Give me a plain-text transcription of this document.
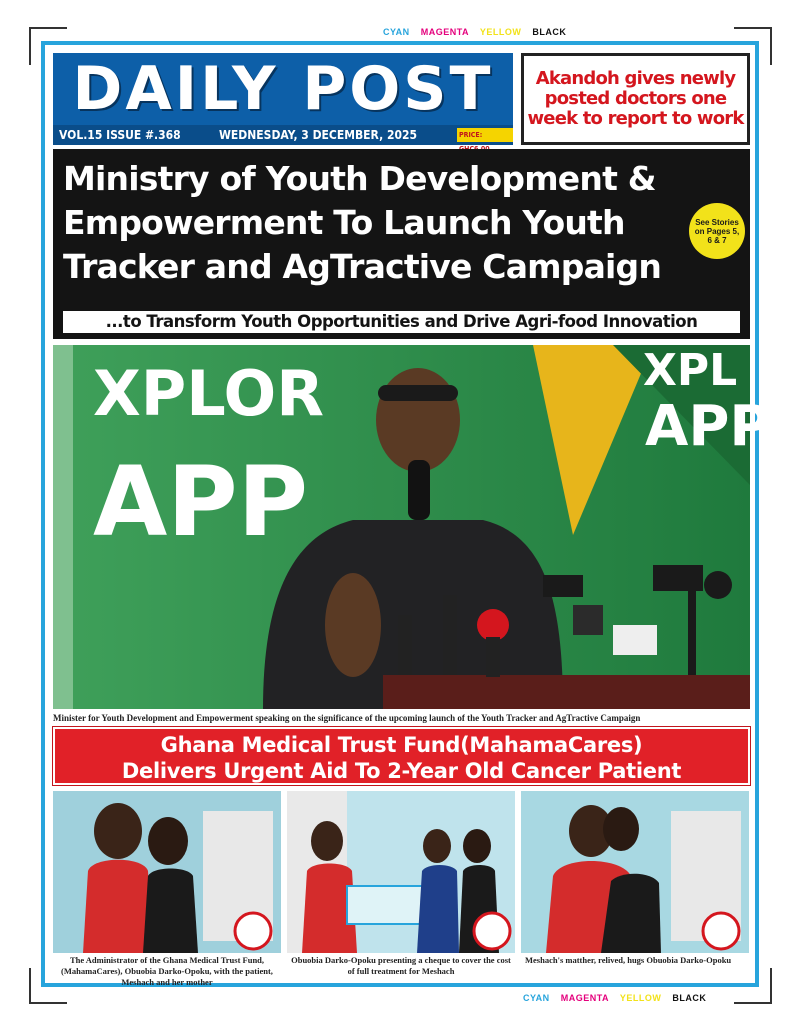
CYAN MAGENTA YELLOW BLACK
CYAN MAGENTA YELLOW BLACK
DAILY POST
VOL.15 ISSUE #.368	WEDNESDAY, 3 DECEMBER, 2025	PRICE:
Akandoh gives newly posted doctors one week to report to work
Ministry of Youth Development & Empowerment To Launch Youth Tracker and AgTractive Campaign
See Stories on Pages 5, 6 & 7
...to Transform Youth Opportunities and Drive Agri-food Innovation
XPLOR
APP
XPL
APP
Minister for Youth Development and Empowerment speaking on the significance of the upcoming launch of the Youth Tracker and AgTractive Campaign
Ghana Medical Trust Fund(MahamaCares)
Delivers Urgent Aid To 2-Year Old Cancer Patient
The Administrator of the Ghana Medical Trust Fund, (MahamaCares), Obuobia Darko-Opoku, with the patient, Meshach and her mother
Obuobia Darko-Opoku presenting a cheque to cover the cost of full treatment for Meshach
Meshach's matther, relived, hugs Obuobia Darko-Opoku
